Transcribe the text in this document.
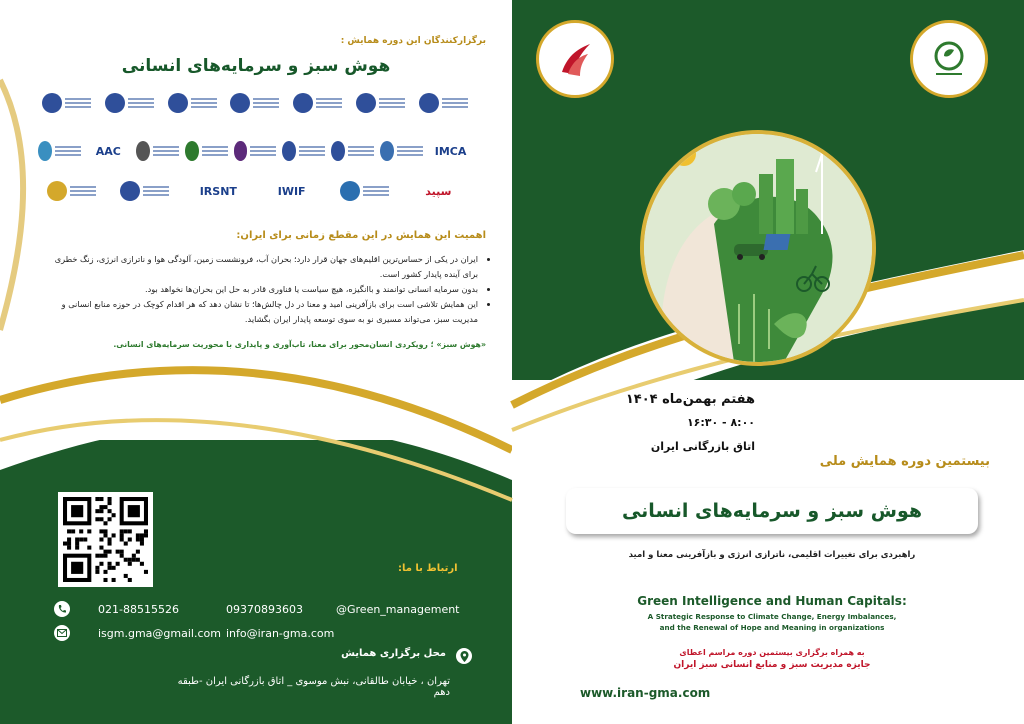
برگزارکنندگان این دوره همایش :
هوش سبز و سرمایه‌های انسانی
IMCA
AAC
سپید
IWIF
IRSNT
اهمیت این همایش در این مقطع زمانی برای ایران:
• ایران در یکی از حساس‌ترین اقلیم‌های جهان قرار دارد؛ بحران آب، فرونشست زمین، آلودگی هوا و ناترازی انرژی، زنگ خطری برای آینده پایدار کشور است.
• بدون سرمایه انسانی توانمند و باانگیزه، هیچ سیاست یا فناوری قادر به حل این بحران‌ها نخواهد بود.
• این همایش تلاشی است برای بازآفرینی امید و معنا در دل چالش‌ها؛ تا نشان دهد که هر اقدام کوچک در حوزه منابع انسانی و مدیریت سبز، می‌تواند مسیری نو به سوی توسعه پایدار ایران بگشاید.
«هوش سبز» ؛ رویکردی انسان‌محور برای معنا، تاب‌آوری و پایداری با محوریت سرمایه‌های انسانی.
ارتباط با ما:
021-88515526	09370893603	@Green_management
isgm.gma@gmail.com info@iran-gma.com
محل برگزاری همایش
تهران ، خیابان طالقانی، نبش موسوی _ اتاق بازرگانی ایران -طبقه دهم
هفتم بهمن‌ماه ۱۴۰۴
۸:۰۰ - ۱۶:۳۰
اتاق بازرگانی ایران
بیستمین دوره همایش ملی
هوش سبز و سرمایه‌های انسانی
راهبردی برای تغییرات اقلیمی، ناترازی انرژی و بازآفرینی معنا و امید
Green Intelligence and Human Capitals:
A Strategic Response to Climate Change, Energy Imbalances,
and the Renewal of Hope and Meaning in organizations
به همراه برگزاری بیستمین دوره مراسم اعطای
جایزه مدیریت سبز و منابع انسانی سبز ایران
www.iran-gma.com
